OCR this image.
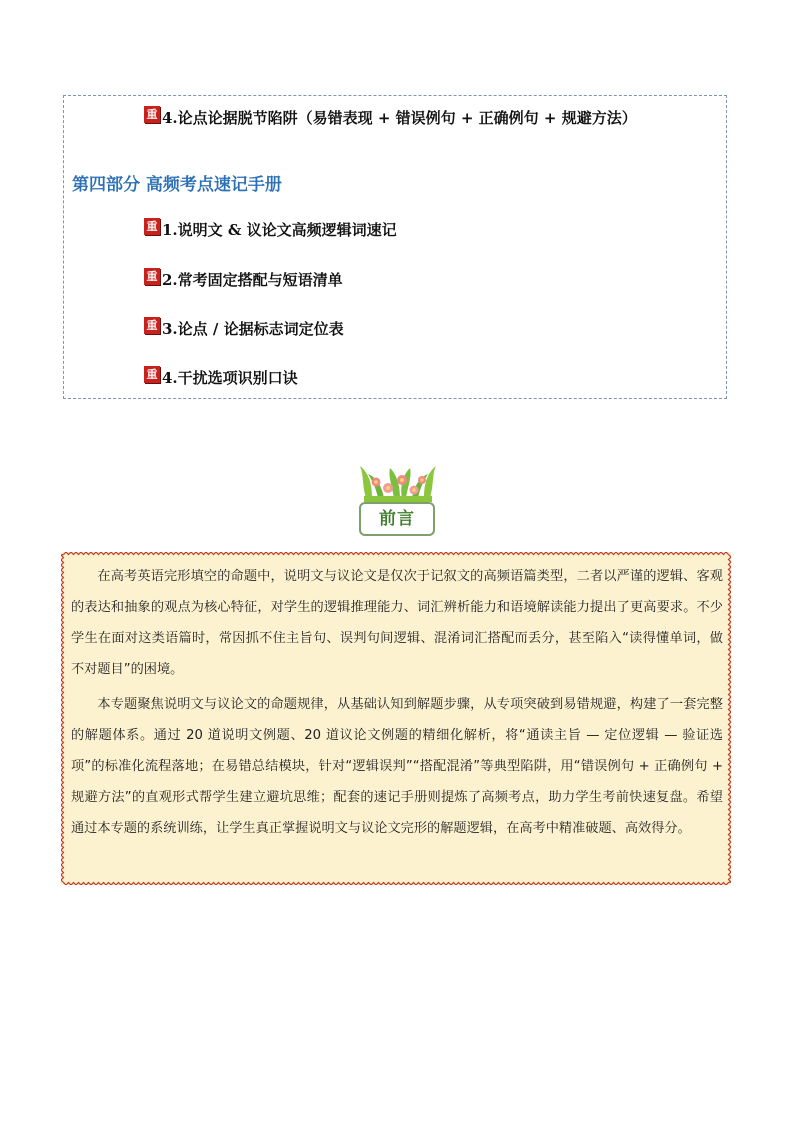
重 4.论点论据脱节陷阱（易错表现 + 错误例句 + 正确例句 + 规避方法）
第四部分 高频考点速记手册
重 1.说明文 & 议论文高频逻辑词速记
重 2.常考固定搭配与短语清单
重 3.论点 / 论据标志词定位表
重 4.干扰选项识别口诀
前言

在高考英语完形填空的命题中，说明文与议论文是仅次于记叙文的高频语篇类型，二者以严谨的逻辑、客观的表达和抽象的观点为核心特征，对学生的逻辑推理能力、词汇辨析能力和语境解读能力提出了更高要求。不少学生在面对这类语篇时，常因抓不住主旨句、误判句间逻辑、混淆词汇搭配而丢分，甚至陷入“读得懂单词，做不对题目”的困境。

本专题聚焦说明文与议论文的命题规律，从基础认知到解题步骤，从专项突破到易错规避，构建了一套完整的解题体系。通过 20 道说明文例题、20 道议论文例题的精细化解析，将“通读主旨 — 定位逻辑 — 验证选项”的标准化流程落地；在易错总结模块，针对“逻辑误判”“搭配混淆”等典型陷阱，用“错误例句 + 正确例句 + 规避方法”的直观形式帮学生建立避坑思维；配套的速记手册则提炼了高频考点，助力学生考前快速复盘。希望通过本专题的系统训练，让学生真正掌握说明文与议论文完形的解题逻辑，在高考中精准破题、高效得分。
